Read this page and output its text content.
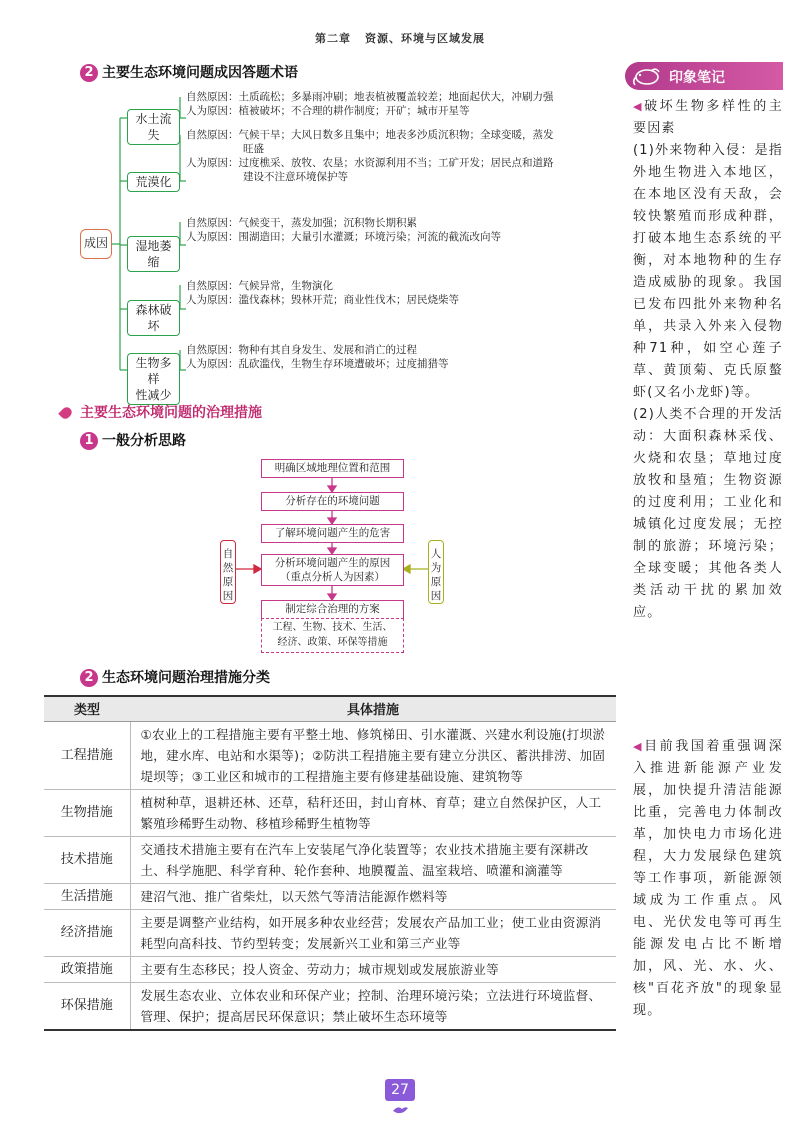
第二章 资源、环境与区域发展
2 主要生态环境问题成因答题术语
成因
水土流失
荒漠化
湿地萎缩
森林破坏
生物多样
性减少
自然原因：土质疏松；多暴雨冲刷；地表植被覆盖较差；地面起伏大，冲刷力强
人为原因：植被破坏；不合理的耕作制度；开矿；城市开星等
自然原因：气候干旱；大风日数多且集中；地表多沙质沉积物；全球变暖，蒸发
旺盛
人为原因：过度樵采、放牧、农垦；水资源利用不当；工矿开发；居民点和道路
建设不注意环境保护等
自然原因：气候变干，蒸发加强；沉积物长期积累
人为原因：围湖造田；大量引水灌溉；环境污染；河流的截流改向等
自然原因：气候异常，生物演化
人为原因：滥伐森林；毁林开荒；商业性伐木；居民烧柴等
自然原因：物种有其自身发生、发展和消亡的过程
人为原因：乱砍滥伐，生物生存环境遭破坏；过度捕猎等
主要生态环境问题的治理措施
1 一般分析思路
明确区域地理位置和范围
分析存在的环境问题
了解环境问题产生的危害
分析环境问题产生的原因
（重点分析人为因素）
制定综合治理的方案
工程、生物、技术、生活、
经济、政策、环保等措施
自然原因
人为原因
2 生态环境问题治理措施分类
类型	具体措施
工程措施	①农业上的工程措施主要有平整土地、修筑梯田、引水灌溉、兴建水利设施(打坝淤地，建水库、电站和水渠等)；②防洪工程措施主要有建立分洪区、蓄洪排涝、加固堤坝等；③工业区和城市的工程措施主要有修建基础设施、建筑物等
生物措施	植树种草，退耕还林、还草，秸秆还田，封山育林、育草；建立自然保护区，人工繁殖珍稀野生动物、移植珍稀野生植物等
技术措施	交通技术措施主要有在汽车上安装尾气净化装置等；农业技术措施主要有深耕改土、科学施肥、科学育种、轮作套种、地膜覆盖、温室栽培、喷灌和滴灌等
生活措施	建沼气池、推广省柴灶，以天然气等清洁能源作燃料等
经济措施	主要是调整产业结构，如开展多种农业经营；发展农产品加工业；使工业由资源消耗型向高科技、节约型转变；发展新兴工业和第三产业等
政策措施	主要有生态移民；投人资金、劳动力；城市规划或发展旅游业等
环保措施	发展生态农业、立体农业和环保产业；控制、治理环境污染；立法进行环境监督、管理、保护；提高居民环保意识；禁止破坏生态环境等
印象笔记

◀破坏生物多样性的主要因素

(1)外来物种入侵：是指外地生物进入本地区，在本地区没有天敌，会较快繁殖而形成种群，打破本地生态系统的平衡，对本地物种的生存造成威胁的现象。我国已发布四批外来物种名单，共录入外来入侵物种71种，如空心莲子草、黄顶菊、克氏原螯虾(又名小龙虾)等。

(2)人类不合理的开发活动：大面积森林采伐、火烧和农垦；草地过度放牧和垦殖；生物资源的过度利用；工业化和城镇化过度发展；无控制的旅游；环境污染；全球变暖；其他各类人类活动干扰的累加效应。

◀目前我国着重强调深入推进新能源产业发展，加快提升清洁能源比重，完善电力体制改革，加快电力市场化进程，大力发展绿色建筑等工作事项，新能源领域成为工作重点。风电、光伏发电等可再生能源发电占比不断增加，风、光、水、火、核"百花齐放"的现象显现。

27
